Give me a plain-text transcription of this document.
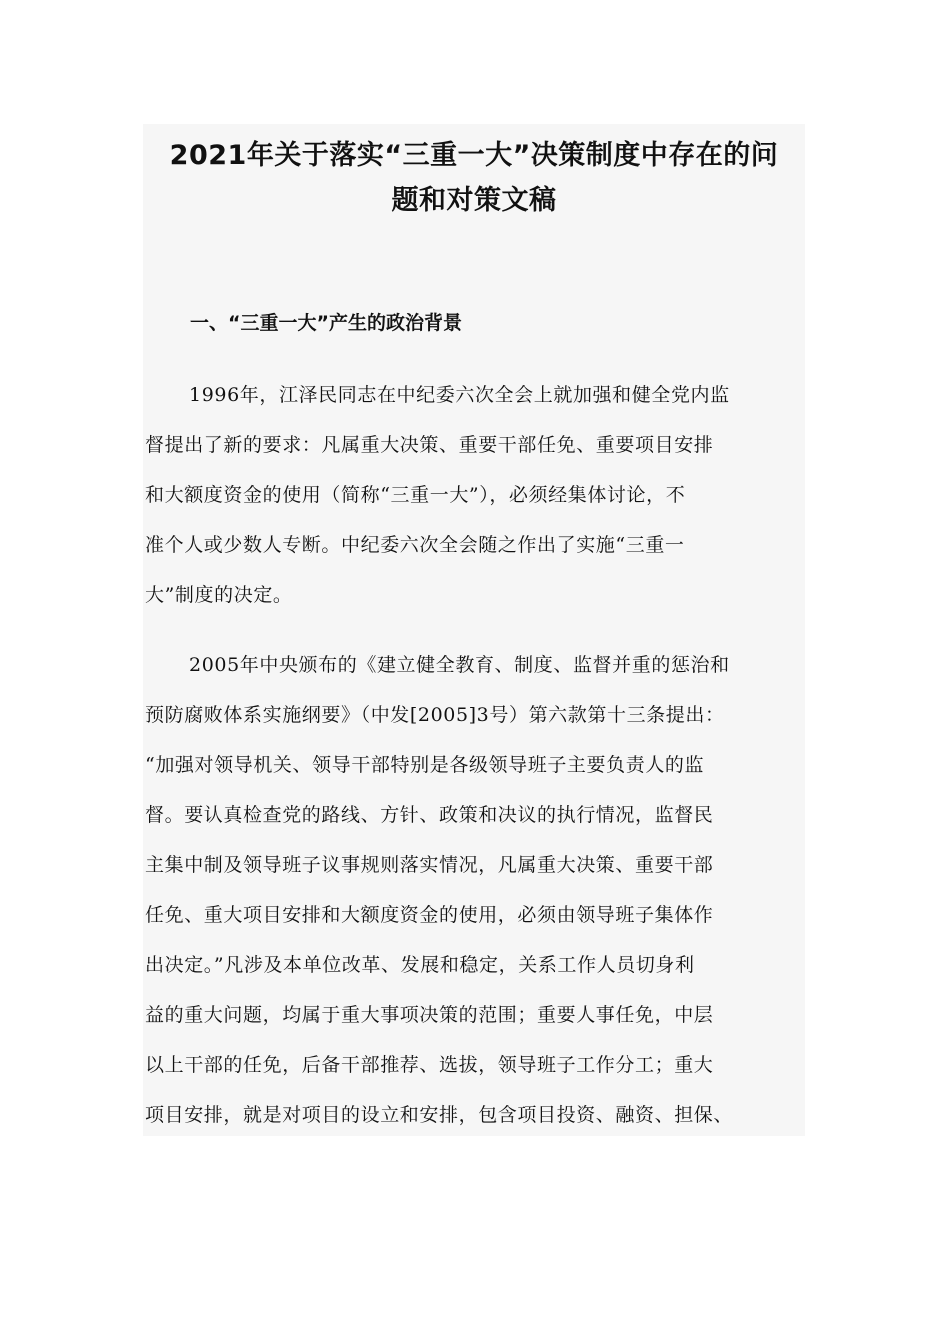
2021年关于落实“三重一大”决策制度中存在的问
题和对策文稿
一、“三重一大”产生的政治背景
1996年，江泽民同志在中纪委六次全会上就加强和健全党内监
督提出了新的要求：凡属重大决策、重要干部任免、重要项目安排
和大额度资金的使用（简称“三重一大”），必须经集体讨论，不
准个人或少数人专断。中纪委六次全会随之作出了实施“三重一
大”制度的决定。
2005年中央颁布的《建立健全教育、制度、监督并重的惩治和
预防腐败体系实施纲要》（中发[2005]3号）第六款第十三条提出：
“加强对领导机关、领导干部特别是各级领导班子主要负责人的监
督。要认真检查党的路线、方针、政策和决议的执行情况，监督民
主集中制及领导班子议事规则落实情况，凡属重大决策、重要干部
任免、重大项目安排和大额度资金的使用，必须由领导班子集体作
出决定。”凡涉及本单位改革、发展和稳定，关系工作人员切身利
益的重大问题，均属于重大事项决策的范围；重要人事任免，中层
以上干部的任免，后备干部推荐、选拔，领导班子工作分工；重大
项目安排，就是对项目的设立和安排，包含项目投资、融资、担保、
